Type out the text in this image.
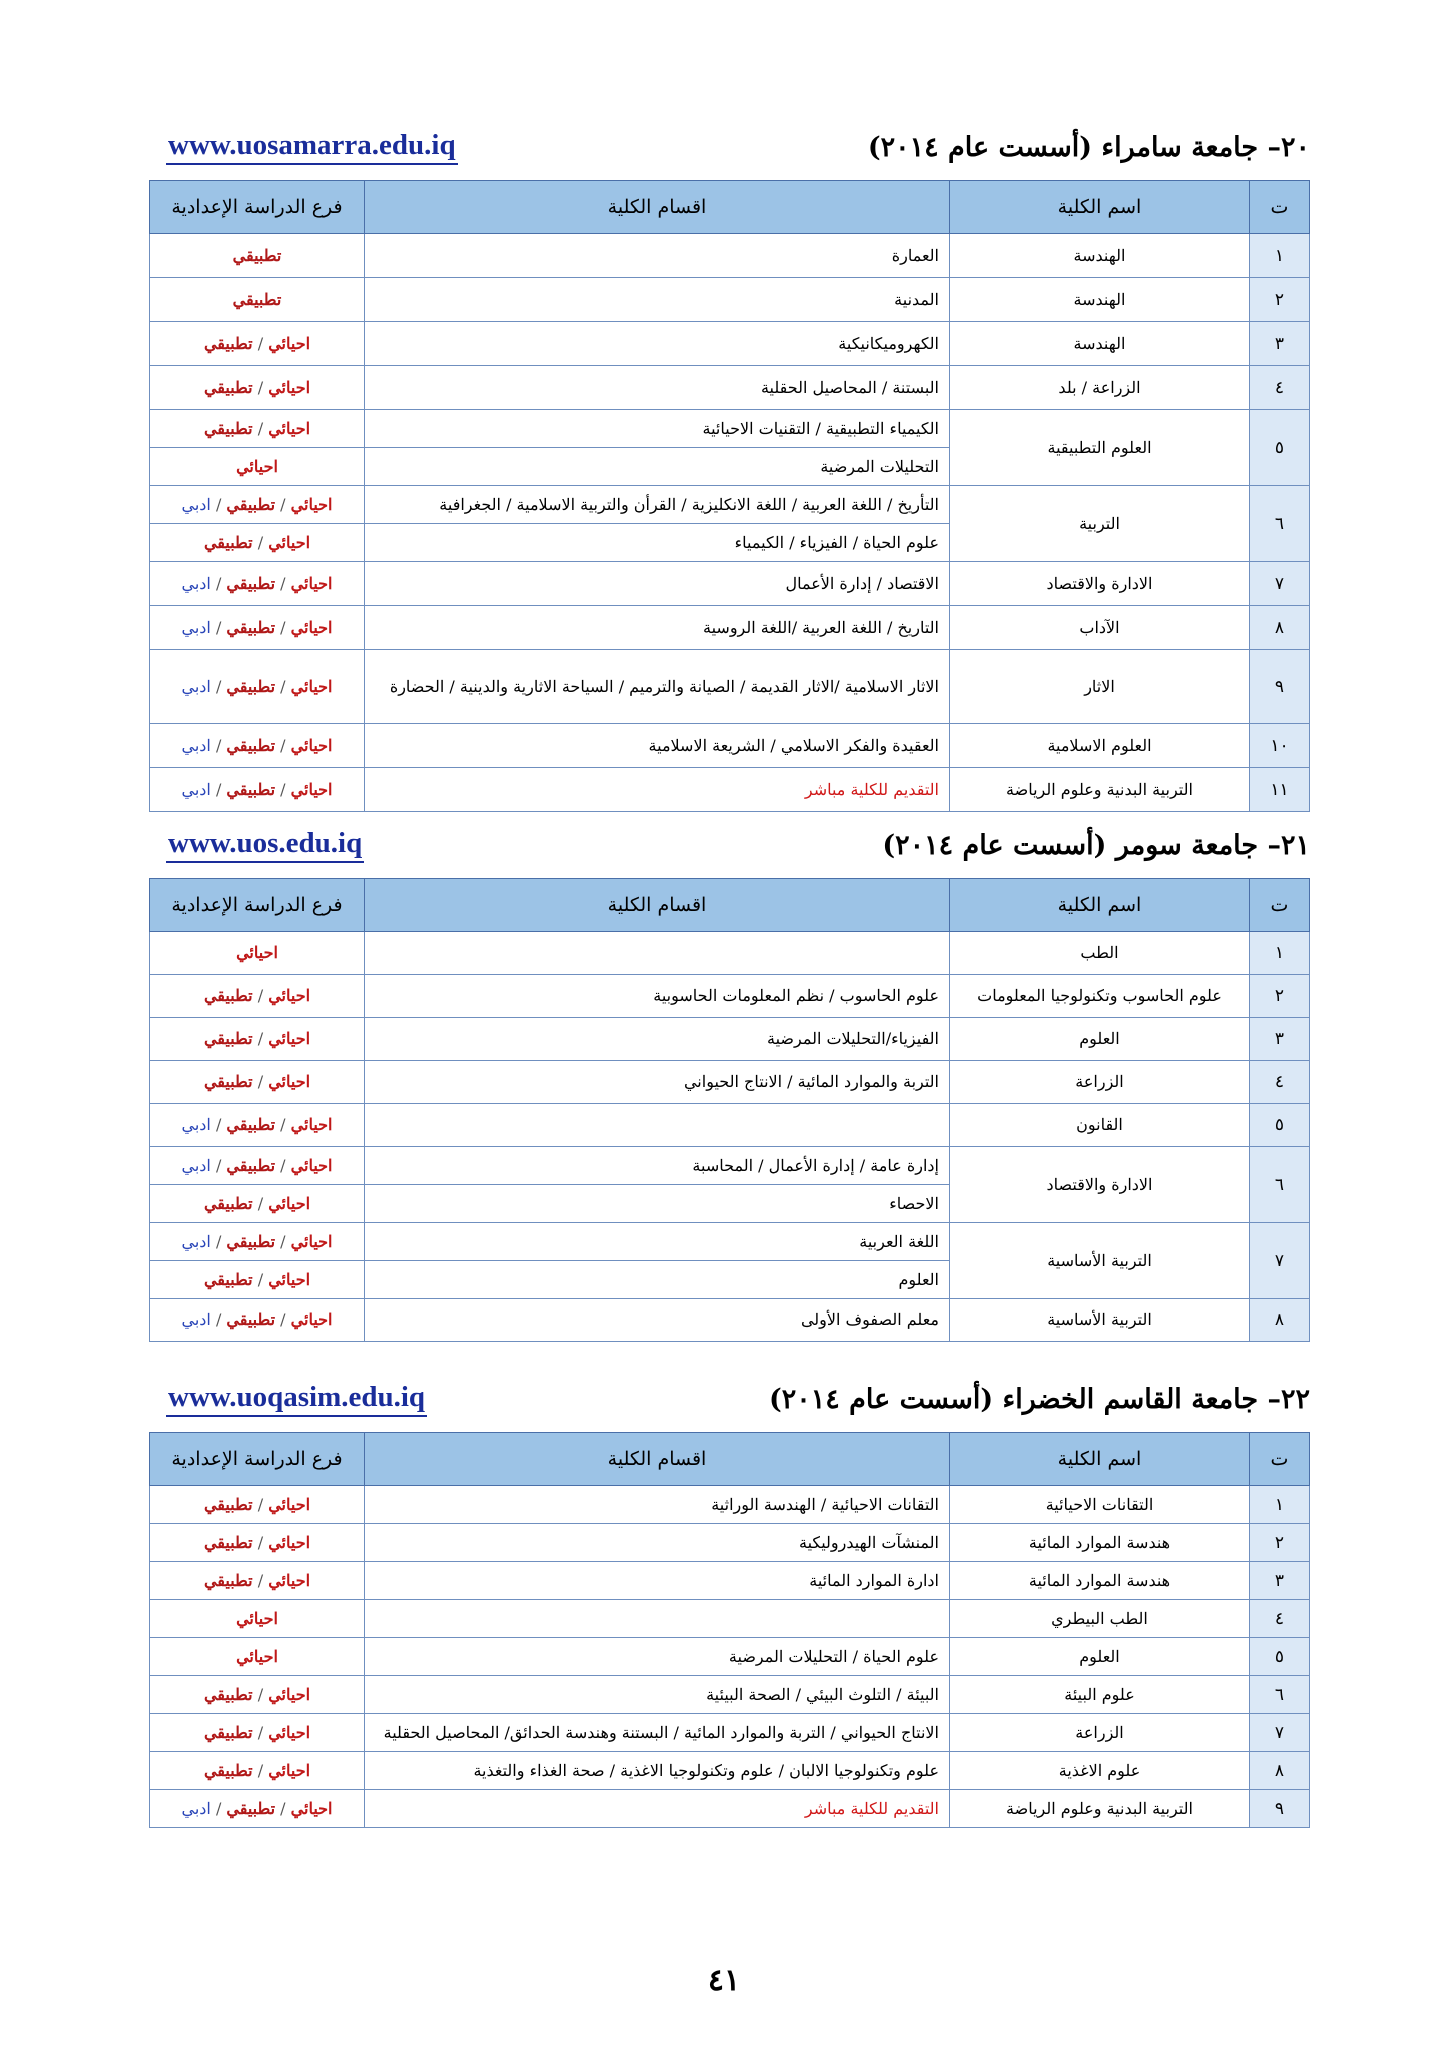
٢٠– جامعة سامراء (أسست عام ٢٠١٤)
www.uosamarra.edu.iq
ت	اسم الكلية	اقسام الكلية	فرع الدراسة الإعدادية
١	الهندسة	العمارة	تطبيقي
٢	الهندسة	المدنية	تطبيقي
٣	الهندسة	الكهروميكانيكية	احيائي / تطبيقي
٤	الزراعة / بلد	البستنة / المحاصيل الحقلية	احيائي / تطبيقي
٥	العلوم التطبيقية	الكيمياء التطبيقية / التقنيات الاحيائية	احيائي / تطبيقي
		التحليلات المرضية	احيائي
٦	التربية	التأريخ / اللغة العربية / اللغة الانكليزية / القرأن والتربية الاسلامية / الجغرافية	احيائي / تطبيقي / ادبي
		علوم الحياة / الفيزياء / الكيمياء	احيائي / تطبيقي
٧	الادارة والاقتصاد	الاقتصاد / إدارة الأعمال	احيائي / تطبيقي / ادبي
٨	الآداب	التاريخ / اللغة العربية /اللغة الروسية	احيائي / تطبيقي / ادبي
٩	الاثار	الاثار الاسلامية /الاثار القديمة / الصيانة والترميم / السياحة الاثارية والدينية / الحضارة	احيائي / تطبيقي / ادبي
١٠	العلوم الاسلامية	العقيدة والفكر الاسلامي / الشريعة الاسلامية	احيائي / تطبيقي / ادبي
١١	التربية البدنية وعلوم الرياضة	التقديم للكلية مباشر	احيائي / تطبيقي / ادبي
٢١– جامعة سومر (أسست عام ٢٠١٤)
www.uos.edu.iq
ت	اسم الكلية	اقسام الكلية	فرع الدراسة الإعدادية
١	الطب		احيائي
٢	علوم الحاسوب وتكنولوجيا المعلومات	علوم الحاسوب / نظم المعلومات الحاسوبية	احيائي / تطبيقي
٣	العلوم	الفيزياء/التحليلات المرضية	احيائي / تطبيقي
٤	الزراعة	التربة والموارد المائية / الانتاج الحيواني	احيائي / تطبيقي
٥	القانون		احيائي / تطبيقي / ادبي
٦	الادارة والاقتصاد	إدارة عامة / إدارة الأعمال / المحاسبة	احيائي / تطبيقي / ادبي
		الاحصاء	احيائي / تطبيقي
٧	التربية الأساسية	اللغة العربية	احيائي / تطبيقي / ادبي
		العلوم	احيائي / تطبيقي
٨	التربية الأساسية	معلم الصفوف الأولى	احيائي / تطبيقي / ادبي
٢٢– جامعة القاسم الخضراء (أسست عام ٢٠١٤)
www.uoqasim.edu.iq
ت	اسم الكلية	اقسام الكلية	فرع الدراسة الإعدادية
١	التقانات الاحيائية	التقانات الاحيائية / الهندسة الوراثية	احيائي / تطبيقي
٢	هندسة الموارد المائية	المنشآت الهيدروليكية	احيائي / تطبيقي
٣	هندسة الموارد المائية	ادارة الموارد المائية	احيائي / تطبيقي
٤	الطب البيطري		احيائي
٥	العلوم	علوم الحياة / التحليلات المرضية	احيائي
٦	علوم البيئة	البيئة / التلوث البيئي / الصحة البيئية	احيائي / تطبيقي
٧	الزراعة	الانتاج الحيواني / التربة والموارد المائية / البستنة وهندسة الحدائق/ المحاصيل الحقلية	احيائي / تطبيقي
٨	علوم الاغذية	علوم وتكنولوجيا الالبان / علوم وتكنولوجيا الاغذية / صحة الغذاء والتغذية	احيائي / تطبيقي
٩	التربية البدنية وعلوم الرياضة	التقديم للكلية مباشر	احيائي / تطبيقي / ادبي
٤١
